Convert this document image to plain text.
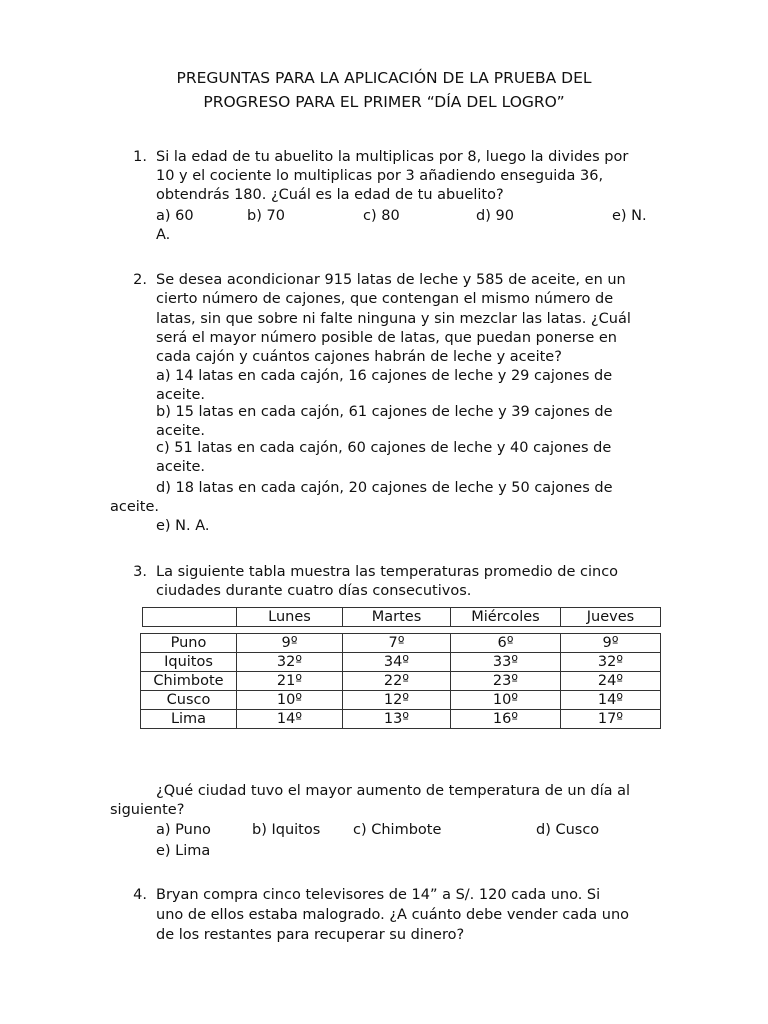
PREGUNTAS PARA LA APLICACIÓN DE LA PRUEBA DEL
PROGRESO PARA EL PRIMER “DÍA DEL LOGRO”
1. Si la edad de tu abuelito la multiplicas por 8, luego la divides por
10 y el cociente lo multiplicas por 3 añadiendo enseguida 36,
obtendrás 180. ¿Cuál es la edad de tu abuelito?
a) 60	b) 70	c) 80	d) 90	e) N.
A.
2. Se desea acondicionar 915 latas de leche y 585 de aceite, en un
cierto número de cajones, que contengan el mismo número de
latas, sin que sobre ni falte ninguna y sin mezclar las latas. ¿Cuál
será el mayor número posible de latas, que puedan ponerse en
cada cajón y cuántos cajones habrán de leche y aceite?
a) 14 latas en cada cajón, 16 cajones de leche y 29 cajones de
aceite.
b) 15 latas en cada cajón, 61 cajones de leche y 39 cajones de
aceite.
c) 51 latas en cada cajón, 60 cajones de leche y 40 cajones de
aceite.
d) 18 latas en cada cajón, 20 cajones de leche y 50 cajones de
aceite.
e) N. A.
3. La siguiente tabla muestra las temperaturas promedio de cinco
ciudades durante cuatro días consecutivos.
	Lunes	Martes	Miércoles	Jueves
Puno	9º	7º	6º	9º
Iquitos	32º	34º	33º	32º
Chimbote	21º	22º	23º	24º
Cusco	10º	12º	10º	14º
Lima	14º	13º	16º	17º
¿Qué ciudad tuvo el mayor aumento de temperatura de un día al
siguiente?
a) Puno	b) Iquitos c) Chimbote	d) Cusco
e) Lima
4. Bryan compra cinco televisores de 14” a S/. 120 cada uno. Si
uno de ellos estaba malogrado. ¿A cuánto debe vender cada uno
de los restantes para recuperar su dinero?
